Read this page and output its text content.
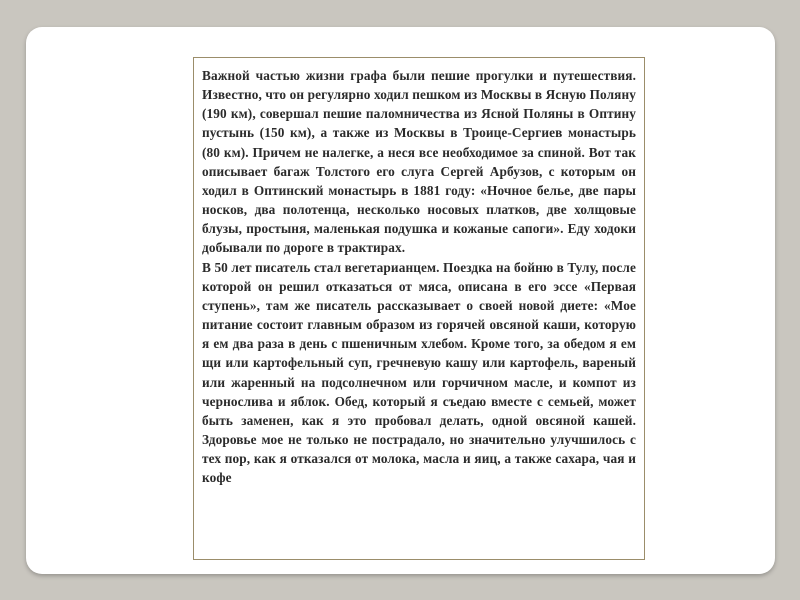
Важной частью жизни графа были пешие прогулки и путешествия. Известно, что он регулярно ходил пешком из Москвы в Ясную Поляну (190 км), совершал пешие паломничества из Ясной Поляны в Оптину пустынь (150 км), а также из Москвы в Троице-Сергиев монастырь (80 км). Причем не налегке, а неся все необходимое за спиной. Вот так описывает багаж Толстого его слуга Сергей Арбузов, с которым он ходил в Оптинский монастырь в 1881 году: «Ночное белье, две пары носков, два полотенца, несколько носовых платков, две холщовые блузы, простыня, маленькая подушка и кожаные сапоги». Еду ходоки добывали по дороге в трактирах.

В 50 лет писатель стал вегетарианцем. Поездка на бойню в Тулу, после которой он решил отказаться от мяса, описана в его эссе «Первая ступень», там же писатель рассказывает о своей новой диете: «Мое питание состоит главным образом из горячей овсяной каши, которую я ем два раза в день с пшеничным хлебом. Кроме того, за обедом я ем щи или картофельный суп, гречневую кашу или картофель, вареный или жаренный на подсолнечном или горчичном масле, и компот из чернослива и яблок. Обед, который я съедаю вместе с семьей, может быть заменен, как я это пробовал делать, одной овсяной кашей. Здоровье мое не только не пострадало, но значительно улучшилось с тех пор, как я отказался от молока, масла и яиц, а также сахара, чая и кофе
